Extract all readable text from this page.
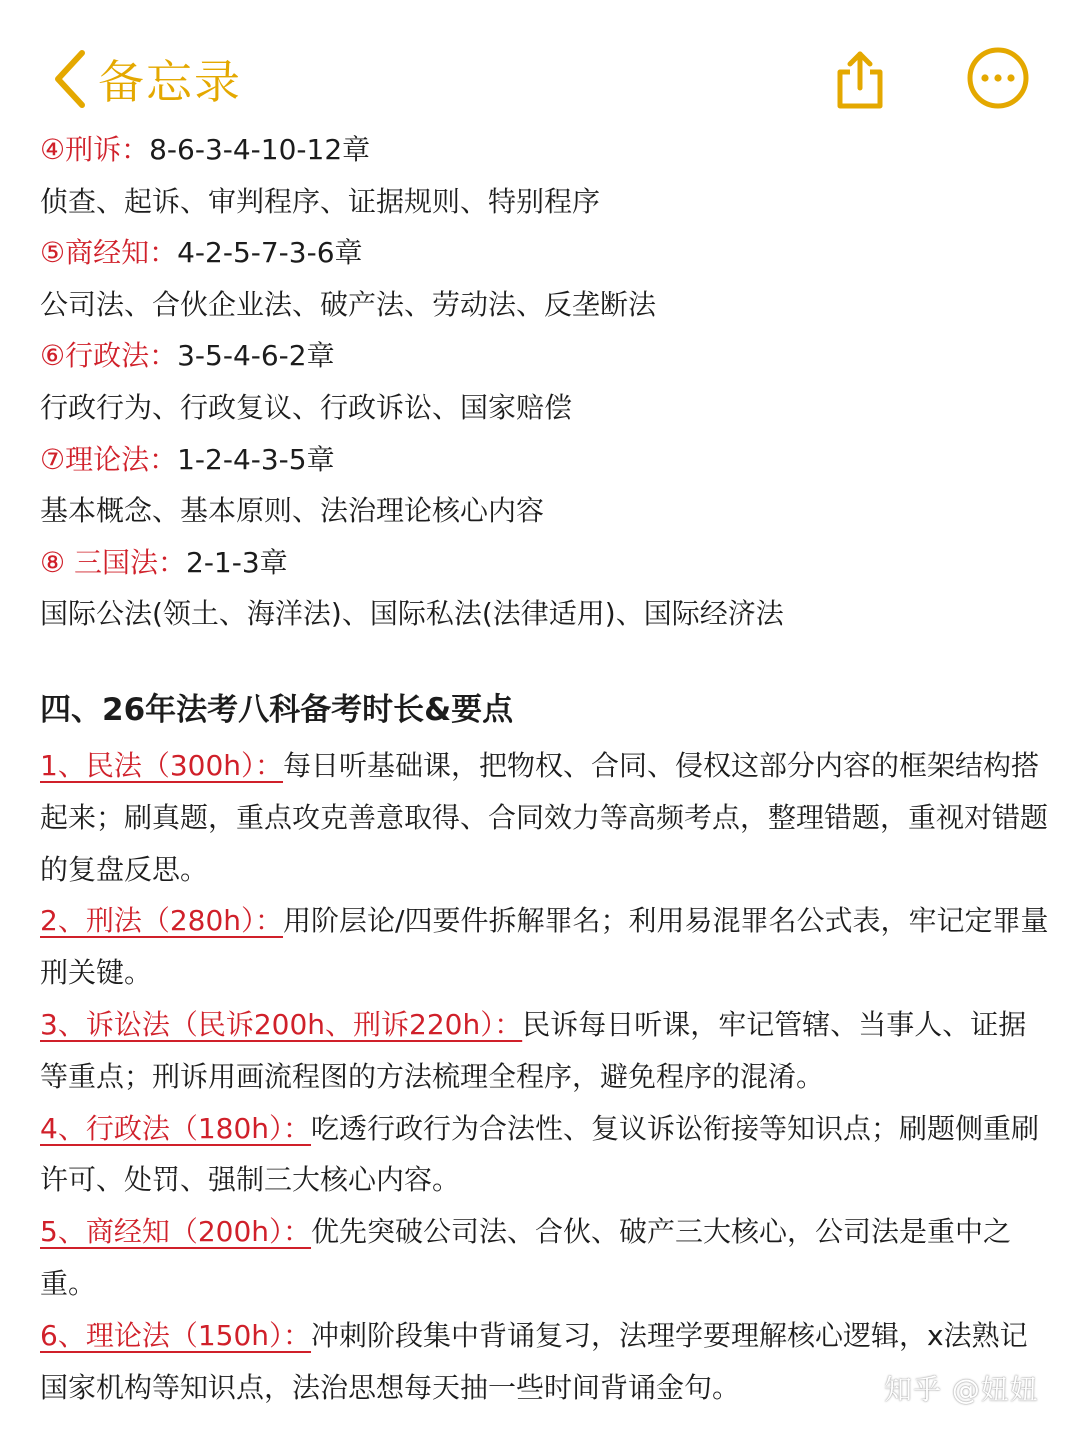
备忘录
④刑诉：8-6-3-4-10-12章
侦查、起诉、审判程序、证据规则、特别程序
⑤商经知：4-2-5-7-3-6章
公司法、合伙企业法、破产法、劳动法、反垄断法
⑥行政法：3-5-4-6-2章
行政行为、行政复议、行政诉讼、国家赔偿
⑦理论法：1-2-4-3-5章
基本概念、基本原则、法治理论核心内容
⑧ 三国法：2-1-3章
国际公法(领土、海洋法)、国际私法(法律适用)、国际经济法
四、26年法考八科备考时长&要点
1、民法（300h）：每日听基础课，把物权、合同、侵权这部分内容的框架结构搭起来；刷真题，重点攻克善意取得、合同效力等高频考点，整理错题，重视对错题的复盘反思。
2、刑法（280h）：用阶层论/四要件拆解罪名；利用易混罪名公式表，牢记定罪量刑关键。
3、诉讼法（民诉200h、刑诉220h）：民诉每日听课，牢记管辖、当事人、证据等重点；刑诉用画流程图的方法梳理全程序，避免程序的混淆。
4、行政法（180h）：吃透行政行为合法性、复议诉讼衔接等知识点；刷题侧重刷许可、处罚、强制三大核心内容。
5、商经知（200h）：优先突破公司法、合伙、破产三大核心，公司法是重中之重。
6、理论法（150h）：冲刺阶段集中背诵复习，法理学要理解核心逻辑，x法熟记国家机构等知识点，法治思想每天抽一些时间背诵金句。	知乎 @妞妞
